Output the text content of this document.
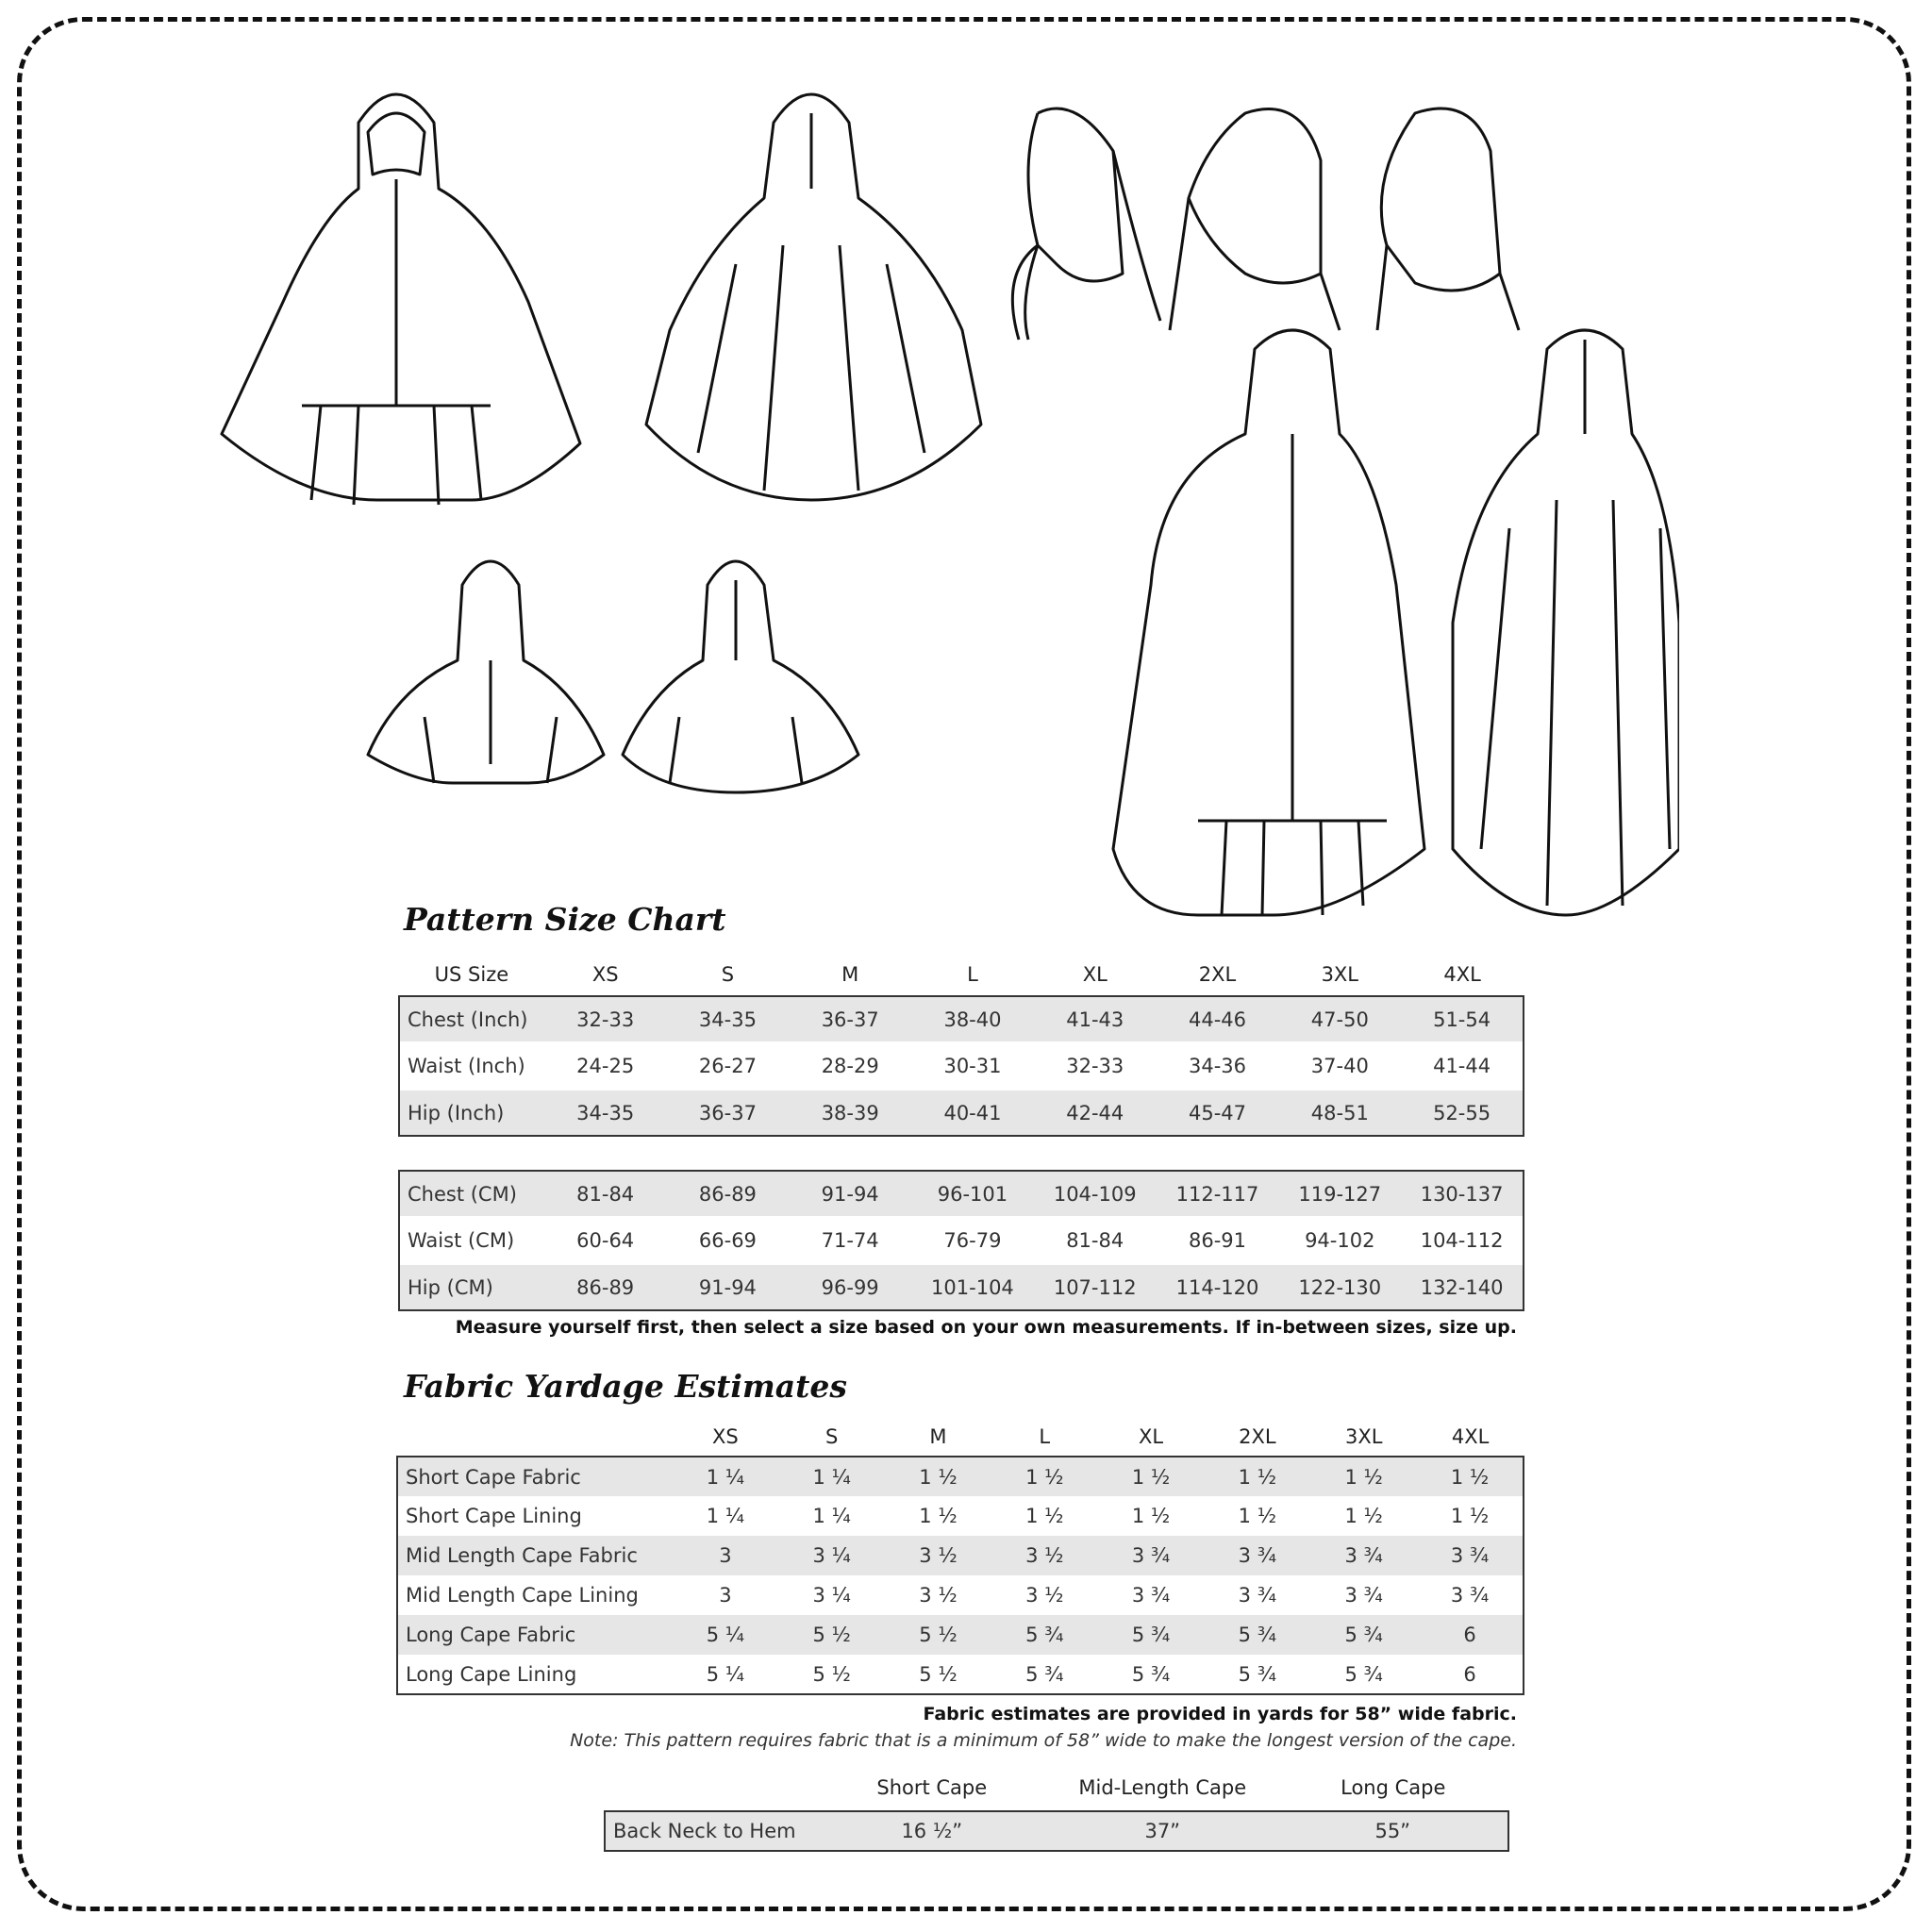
Pattern Size Chart
US Size	XS	S	M	L	XL	2XL	3XL	4XL
Chest (Inch)	32-33	34-35	36-37	38-40	41-43	44-46	47-50	51-54
Waist (Inch)	24-25	26-27	28-29	30-31	32-33	34-36	37-40	41-44
Hip (Inch)	34-35	36-37	38-39	40-41	42-44	45-47	48-51	52-55
Chest (CM)	81-84	86-89	91-94	96-101	104-109	112-117	119-127	130-137
Waist (CM)	60-64	66-69	71-74	76-79	81-84	86-91	94-102	104-112
Hip (CM)	86-89	91-94	96-99	101-104	107-112	114-120	122-130	132-140

Measure yourself first, then select a size based on your own measurements. If in-between sizes, size up.

Fabric Yardage Estimates
	XS	S	M	L	XL	2XL	3XL	4XL
Short Cape Fabric	1 ¼	1 ¼	1 ½	1 ½	1 ½	1 ½	1 ½	1 ½
Short Cape Lining	1 ¼	1 ¼	1 ½	1 ½	1 ½	1 ½	1 ½	1 ½
Mid Length Cape Fabric	3	3 ¼	3 ½	3 ½	3 ¾	3 ¾	3 ¾	3 ¾
Mid Length Cape Lining	3	3 ¼	3 ½	3 ½	3 ¾	3 ¾	3 ¾	3 ¾
Long Cape Fabric	5 ¼	5 ½	5 ½	5 ¾	5 ¾	5 ¾	5 ¾	6
Long Cape Lining	5 ¼	5 ½	5 ½	5 ¾	5 ¾	5 ¾	5 ¾	6

Fabric estimates are provided in yards for 58” wide fabric.

Note: This pattern requires fabric that is a minimum of 58” wide to make the longest version of the cape.

	Short Cape	Mid-Length Cape	Long Cape
Back Neck to Hem	16 ½”	37”	55”
